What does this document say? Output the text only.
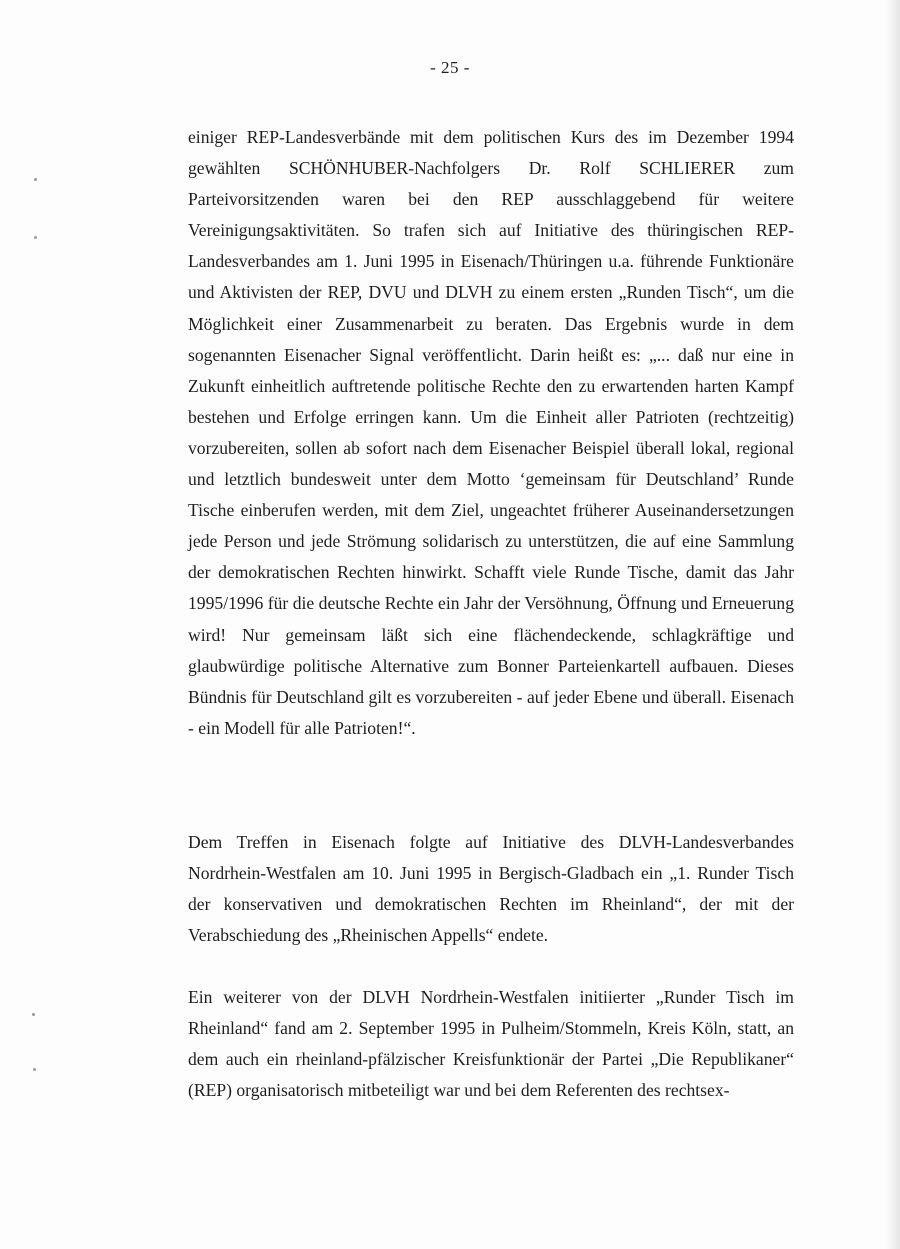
- 25 -

einiger REP-Landesverbände mit dem politischen Kurs des im Dezember 1994 gewählten SCHÖNHUBER-Nachfolgers Dr. Rolf SCHLIERER zum Parteivorsitzenden waren bei den REP ausschlaggebend für weitere Vereinigungsaktivitäten. So trafen sich auf Initiative des thüringischen REP-Landesverbandes am 1. Juni 1995 in Eisenach/Thüringen u.a. führende Funktionäre und Aktivisten der REP, DVU und DLVH zu einem ersten „Runden Tisch“, um die Möglichkeit einer Zusammenarbeit zu beraten. Das Ergebnis wurde in dem sogenannten Eisenacher Signal veröffentlicht. Darin heißt es: „... daß nur eine in Zukunft einheitlich auftretende politische Rechte den zu erwartenden harten Kampf bestehen und Erfolge erringen kann. Um die Einheit aller Patrioten (rechtzeitig) vorzubereiten, sollen ab sofort nach dem Eisenacher Beispiel überall lokal, regional und letztlich bundesweit unter dem Motto ‘gemeinsam für Deutschland’ Runde Tische einberufen werden, mit dem Ziel, ungeachtet früherer Auseinandersetzungen jede Person und jede Strömung solidarisch zu unterstützen, die auf eine Sammlung der demokratischen Rechten hinwirkt. Schafft viele Runde Tische, damit das Jahr 1995/1996 für die deutsche Rechte ein Jahr der Versöhnung, Öffnung und Erneuerung wird! Nur gemeinsam läßt sich eine flächendeckende, schlagkräftige und glaubwürdige politische Alternative zum Bonner Parteienkartell aufbauen. Dieses Bündnis für Deutschland gilt es vorzubereiten - auf jeder Ebene und überall. Eisenach - ein Modell für alle Patrioten!“.

Dem Treffen in Eisenach folgte auf Initiative des DLVH-Landesverbandes Nordrhein-Westfalen am 10. Juni 1995 in Bergisch-Gladbach ein „1. Runder Tisch der konservativen und demokratischen Rechten im Rheinland“, der mit der Verabschiedung des „Rheinischen Appells“ endete.

Ein weiterer von der DLVH Nordrhein-Westfalen initiierter „Runder Tisch im Rheinland“ fand am 2. September 1995 in Pulheim/Stommeln, Kreis Köln, statt, an dem auch ein rheinland-pfälzischer Kreisfunktionär der Partei „Die Republikaner“ (REP) organisatorisch mitbeteiligt war und bei dem Referenten des rechtsex-
